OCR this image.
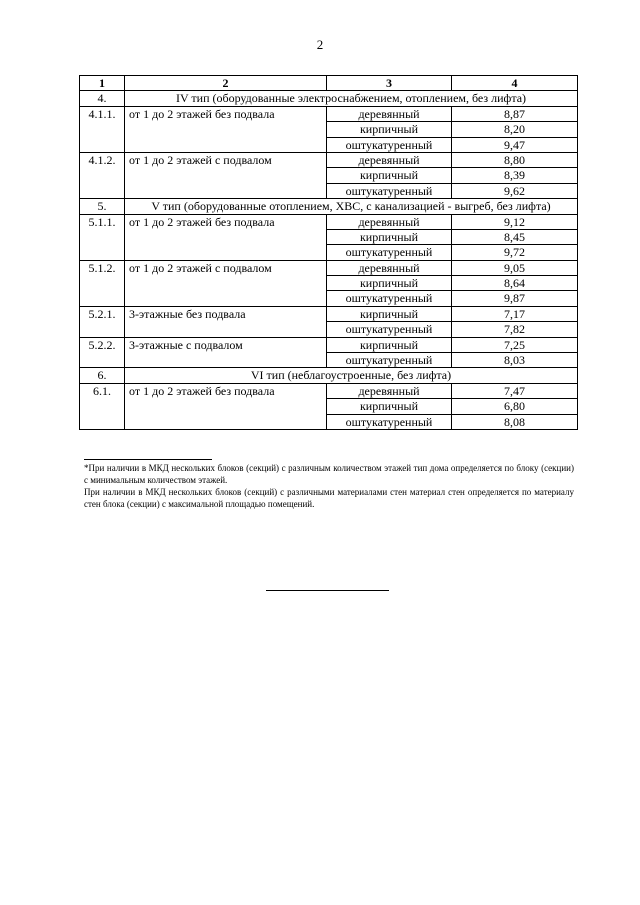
2
1	2	3	4
4.	IV тип (оборудованные электроснабжением, отоплением, без лифта)		
4.1.1.	от 1 до 2 этажей без подвала	деревянный	8,87
		кирпичный	8,20
		оштукатуренный	9,47
4.1.2.	от 1 до 2 этажей с подвалом	деревянный	8,80
		кирпичный	8,39
		оштукатуренный	9,62
5.	V тип (оборудованные отоплением, ХВС, с канализацией - выгреб, без лифта)		
5.1.1.	от 1 до 2 этажей без подвала	деревянный	9,12
		кирпичный	8,45
		оштукатуренный	9,72
5.1.2.	от 1 до 2 этажей с подвалом	деревянный	9,05
		кирпичный	8,64
		оштукатуренный	9,87
5.2.1.	3-этажные без подвала	кирпичный	7,17
		оштукатуренный	7,82
5.2.2.	3-этажные с подвалом	кирпичный	7,25
		оштукатуренный	8,03
6.	VI тип (неблагоустроенные, без лифта)		
6.1.	от 1 до 2 этажей без подвала	деревянный	7,47
		кирпичный	6,80
		оштукатуренный	8,08

*При наличии в МКД нескольких блоков (секций) с различным количеством этажей тип дома определяется по блоку (секции) с минимальным количеством этажей.

При наличии в МКД нескольких блоков (секций) с различными материалами стен материал стен определяется по материалу стен блока (секции) с максимальной площадью помещений.
